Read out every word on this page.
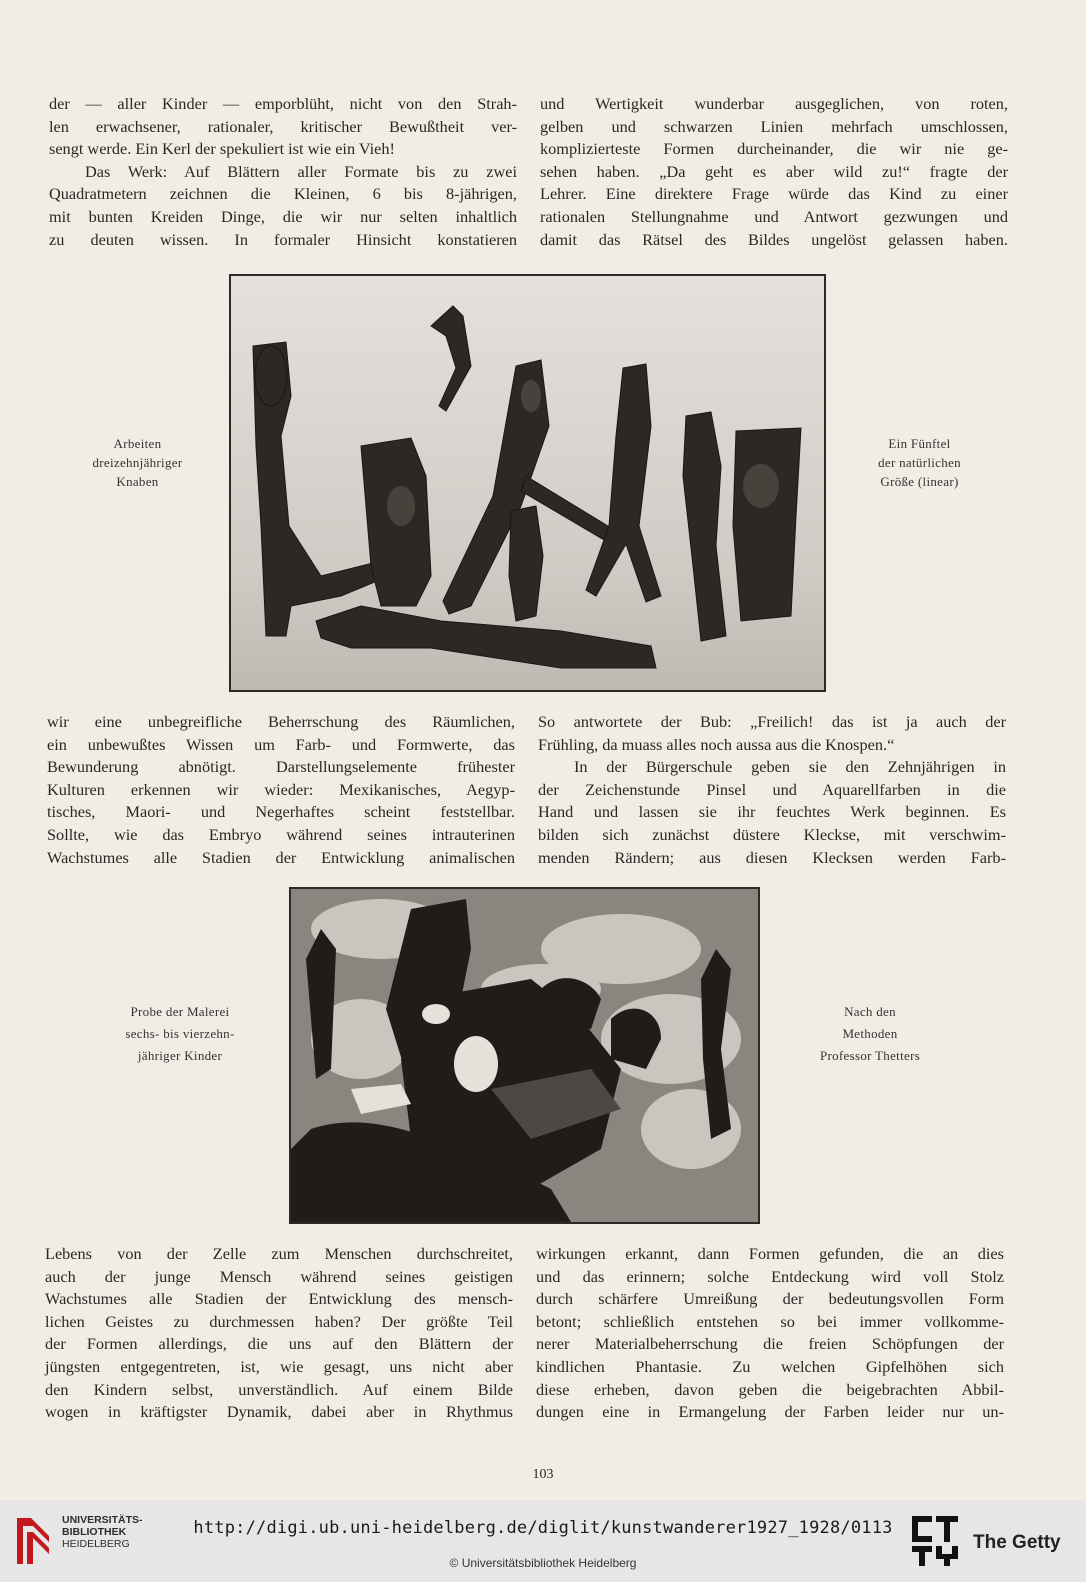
der — aller Kinder — emporblüht, nicht von den Strah-
len erwachsener, rationaler, kritischer Bewußtheit ver-
sengt werde. Ein Kerl der spekuliert ist wie ein Vieh!
Das Werk: Auf Blättern aller Formate bis zu zwei
Quadratmetern zeichnen die Kleinen, 6 bis 8-jährigen,
mit bunten Kreiden Dinge, die wir nur selten inhaltlich
zu deuten wissen. In formaler Hinsicht konstatieren
und Wertigkeit wunderbar ausgeglichen, von roten,
gelben und schwarzen Linien mehrfach umschlossen,
komplizierteste Formen durcheinander, die wir nie ge-
sehen haben. „Da geht es aber wild zu!“ fragte der
Lehrer. Eine direktere Frage würde das Kind zu einer
rationalen Stellungnahme und Antwort gezwungen und
damit das Rätsel des Bildes ungelöst gelassen haben.
Arbeiten
dreizehnjähriger
Knaben
Ein Fünftel
der natürlichen
Größe (linear)
wir eine unbegreifliche Beherrschung des Räumlichen,
ein unbewußtes Wissen um Farb- und Formwerte, das
Bewunderung abnötigt. Darstellungselemente frühester
Kulturen erkennen wir wieder: Mexikanisches, Aegyp-
tisches, Maori- und Negerhaftes scheint feststellbar.
Sollte, wie das Embryo während seines intrauterinen
Wachstumes alle Stadien der Entwicklung animalischen
So antwortete der Bub: „Freilich! das ist ja auch der
Frühling, da muass alles noch aussa aus die Knospen.“
In der Bürgerschule geben sie den Zehnjährigen in
der Zeichenstunde Pinsel und Aquarellfarben in die
Hand und lassen sie ihr feuchtes Werk beginnen. Es
bilden sich zunächst düstere Kleckse, mit verschwim-
menden Rändern; aus diesen Klecksen werden Farb-
Probe der Malerei
sechs- bis vierzehn-
jähriger Kinder
Nach den
Methoden
Professor Thetters
Lebens von der Zelle zum Menschen durchschreitet,
auch der junge Mensch während seines geistigen
Wachstumes alle Stadien der Entwicklung des mensch-
lichen Geistes zu durchmessen haben? Der größte Teil
der Formen allerdings, die uns auf den Blättern der
jüngsten entgegentreten, ist, wie gesagt, uns nicht aber
den Kindern selbst, unverständlich. Auf einem Bilde
wogen in kräftigster Dynamik, dabei aber in Rhythmus
wirkungen erkannt, dann Formen gefunden, die an dies
und das erinnern; solche Entdeckung wird voll Stolz
durch schärfere Umreißung der bedeutungsvollen Form
betont; schließlich entstehen so bei immer vollkomme-
nerer Materialbeherrschung die freien Schöpfungen der
kindlichen Phantasie. Zu welchen Gipfelhöhen sich
diese erheben, davon geben die beigebrachten Abbil-
dungen eine in Ermangelung der Farben leider nur un-
103
UNIVERSITÄTS-
BIBLIOTHEK
HEIDELBERG
http://digi.ub.uni-heidelberg.de/diglit/kunstwanderer1927_1928/0113
© Universitätsbibliothek Heidelberg
The Getty
